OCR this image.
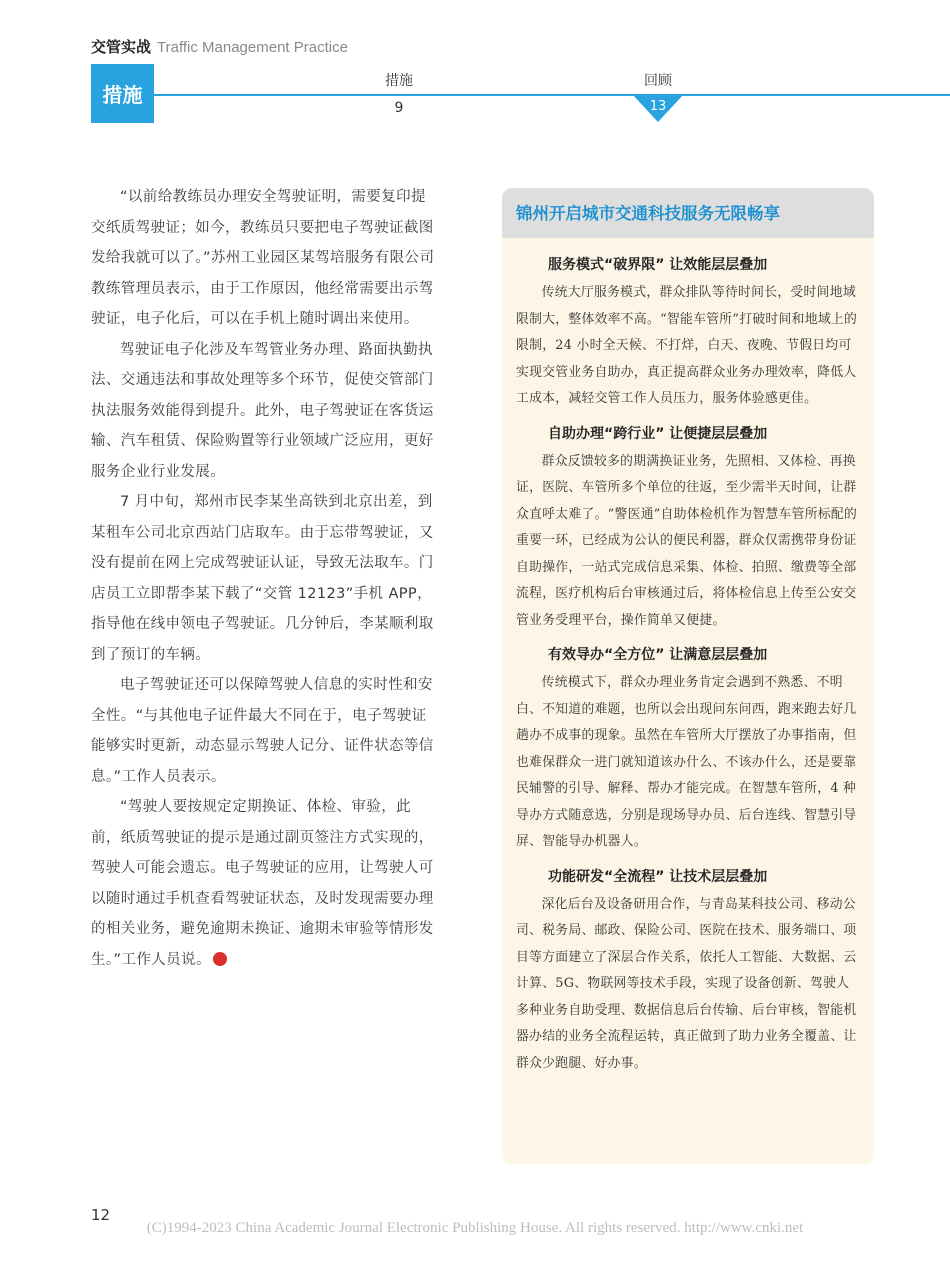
交管实战 Traffic Management Practice
措施
措施
9
回顾
13

“以前给教练员办理安全驾驶证明，需要复印提交纸质驾驶证；如今，教练员只要把电子驾驶证截图发给我就可以了。”苏州工业园区某驾培服务有限公司教练管理员表示，由于工作原因，他经常需要出示驾驶证，电子化后，可以在手机上随时调出来使用。

驾驶证电子化涉及车驾管业务办理、路面执勤执法、交通违法和事故处理等多个环节，促使交管部门执法服务效能得到提升。此外，电子驾驶证在客货运输、汽车租赁、保险购置等行业领域广泛应用，更好服务企业行业发展。

7 月中旬，郑州市民李某坐高铁到北京出差，到某租车公司北京西站门店取车。由于忘带驾驶证，又没有提前在网上完成驾驶证认证，导致无法取车。门店员工立即帮李某下载了“交管 12123”手机 APP，指导他在线申领电子驾驶证。几分钟后，李某顺利取到了预订的车辆。

电子驾驶证还可以保障驾驶人信息的实时性和安全性。“与其他电子证件最大不同在于，电子驾驶证能够实时更新，动态显示驾驶人记分、证件状态等信息。”工作人员表示。

“驾驶人要按规定定期换证、体检、审验，此前，纸质驾驶证的提示是通过副页签注方式实现的，驾驶人可能会遗忘。电子驾驶证的应用，让驾驶人可以随时通过手机查看驾驶证状态，及时发现需要办理的相关业务，避免逾期未换证、逾期未审验等情形发生。”工作人员说。

锦州开启城市交通科技服务无限畅享
服务模式“破界限” 让效能层层叠加

传统大厅服务模式，群众排队等待时间长，受时间地域限制大，整体效率不高。“智能车管所”打破时间和地域上的限制，24 小时全天候、不打烊，白天、夜晚、节假日均可实现交管业务自助办，真正提高群众业务办理效率，降低人工成本，减轻交管工作人员压力，服务体验感更佳。

自助办理“跨行业” 让便捷层层叠加

群众反馈较多的期满换证业务，先照相、又体检、再换证，医院、车管所多个单位的往返，至少需半天时间，让群众直呼太难了。“警医通”自助体检机作为智慧车管所标配的重要一环，已经成为公认的便民利器，群众仅需携带身份证自助操作，一站式完成信息采集、体检、拍照、缴费等全部流程，医疗机构后台审核通过后，将体检信息上传至公安交管业务受理平台，操作简单又便捷。

有效导办“全方位” 让满意层层叠加

传统模式下，群众办理业务肯定会遇到不熟悉、不明白、不知道的难题，也所以会出现问东问西，跑来跑去好几趟办不成事的现象。虽然在车管所大厅摆放了办事指南，但也难保群众一进门就知道该办什么、不该办什么，还是要靠民辅警的引导、解释、帮办才能完成。在智慧车管所，4 种导办方式随意选，分别是现场导办员、后台连线、智慧引导屏、智能导办机器人。

功能研发“全流程” 让技术层层叠加

深化后台及设备研用合作，与青岛某科技公司、移动公司、税务局、邮政、保险公司、医院在技术、服务端口、项目等方面建立了深层合作关系，依托人工智能、大数据、云计算、5G、物联网等技术手段，实现了设备创新、驾驶人多种业务自助受理、数据信息后台传输、后台审核，智能机器办结的业务全流程运转，真正做到了助力业务全覆盖、让群众少跑腿、好办事。

12
(C)1994-2023 China Academic Journal Electronic Publishing House. All rights reserved. http://www.cnki.net
